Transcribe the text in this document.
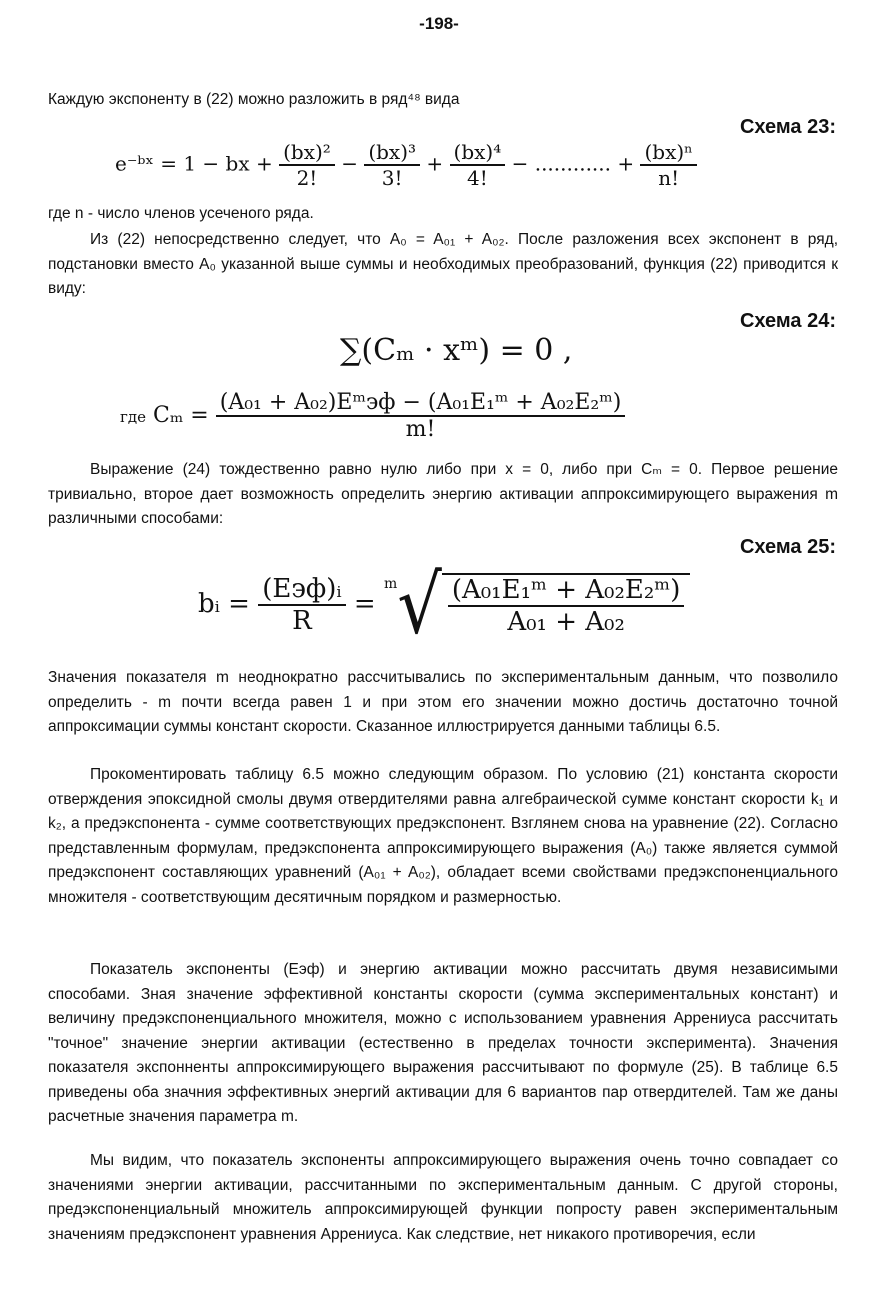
-198-

Каждую экспоненту в (22) можно разложить в ряд⁴⁸ вида

Схема 23:
e⁻ᵇˣ = 1 − bx + $\frac{\text{(bx)²}}{2!} - \frac{\text{(bx)³}}{3!} + \frac{\text{(bx)⁴}}{4!}$ − ............ + $\frac{\text{(bx)ⁿ}}{n!}$

где n - число членов усеченого ряда.

Из (22) непосредственно следует, что A₀ = A₀₁ + A₀₂. После разложения всех экспонент в ряд, подстановки вместо A₀ указанной выше суммы и необходимых преобразований, функция (22) приводится к виду:

Схема 24:
∑(Cₘ · xᵐ) = 0 ,
где $C_m = \frac{\text{(A₀₁ + A₀₂)Eᵐэф − (A₀₁E₁ᵐ + A₀₂E₂ᵐ)}}{m!}$

Выражение (24) тождественно равно нулю либо при x = 0, либо при Cₘ = 0. Первое решение тривиально, второе дает возможность определить энергию активации аппроксимирующего выражения m различными способами:

Схема 25:
bᵢ = $\frac{\text{(Eэф)ᵢ}}{R} = ^m√ \frac{\text{(A₀₁E₁ᵐ + A₀₂E₂ᵐ)}}{\text{A₀₁ + A₀₂}}$

Значения показателя m неоднократно рассчитывались по экспериментальным данным, что позволило определить - m почти всегда равен 1 и при этом его значении можно достичь достаточно точной аппроксимации суммы констант скорости. Сказанное иллюстрируется данными таблицы 6.5.

Прокоментировать таблицу 6.5 можно следующим образом. По условию (21) константа скорости отверждения эпоксидной смолы двумя отвердителями равна алгебраической сумме констант скорости k₁ и k₂, а предэкспонента - сумме соответствующих предэкспонент. Взглянем снова на уравнение (22). Согласно представленным формулам, предэкспонента аппроксимирующего выражения (A₀) также является суммой предэкспонент составляющих уравнений (A₀₁ + A₀₂), обладает всеми свойствами предэкспоненциального множителя - соответствующим десятичным порядком и размерностью.

Показатель экспоненты (Eэф) и энергию активации можно рассчитать двумя независимыми способами. Зная значение эффективной константы скорости (сумма экспериментальных констант) и величину предэкспоненциального множителя, можно с использованием уравнения Аррениуса рассчитать "точное" значение энергии активации (естественно в пределах точности эксперимента). Значения показателя экспонненты аппроксимирующего выражения рассчитывают по формуле (25). В таблице 6.5 приведены оба значния эффективных энергий активации для 6 вариантов пар отвердителей. Там же даны расчетные значения параметра m.

Мы видим, что показатель экспоненты аппроксимирующего выражения очень точно совпадает со значениями энергии активации, рассчитанными по экспериментальным данным. С другой стороны, предэкспоненциальный множитель аппроксимирующей функции попросту равен экспериментальным значениям предэкспонент уравнения Аррениуса. Как следствие, нет никакого противоречия, если
